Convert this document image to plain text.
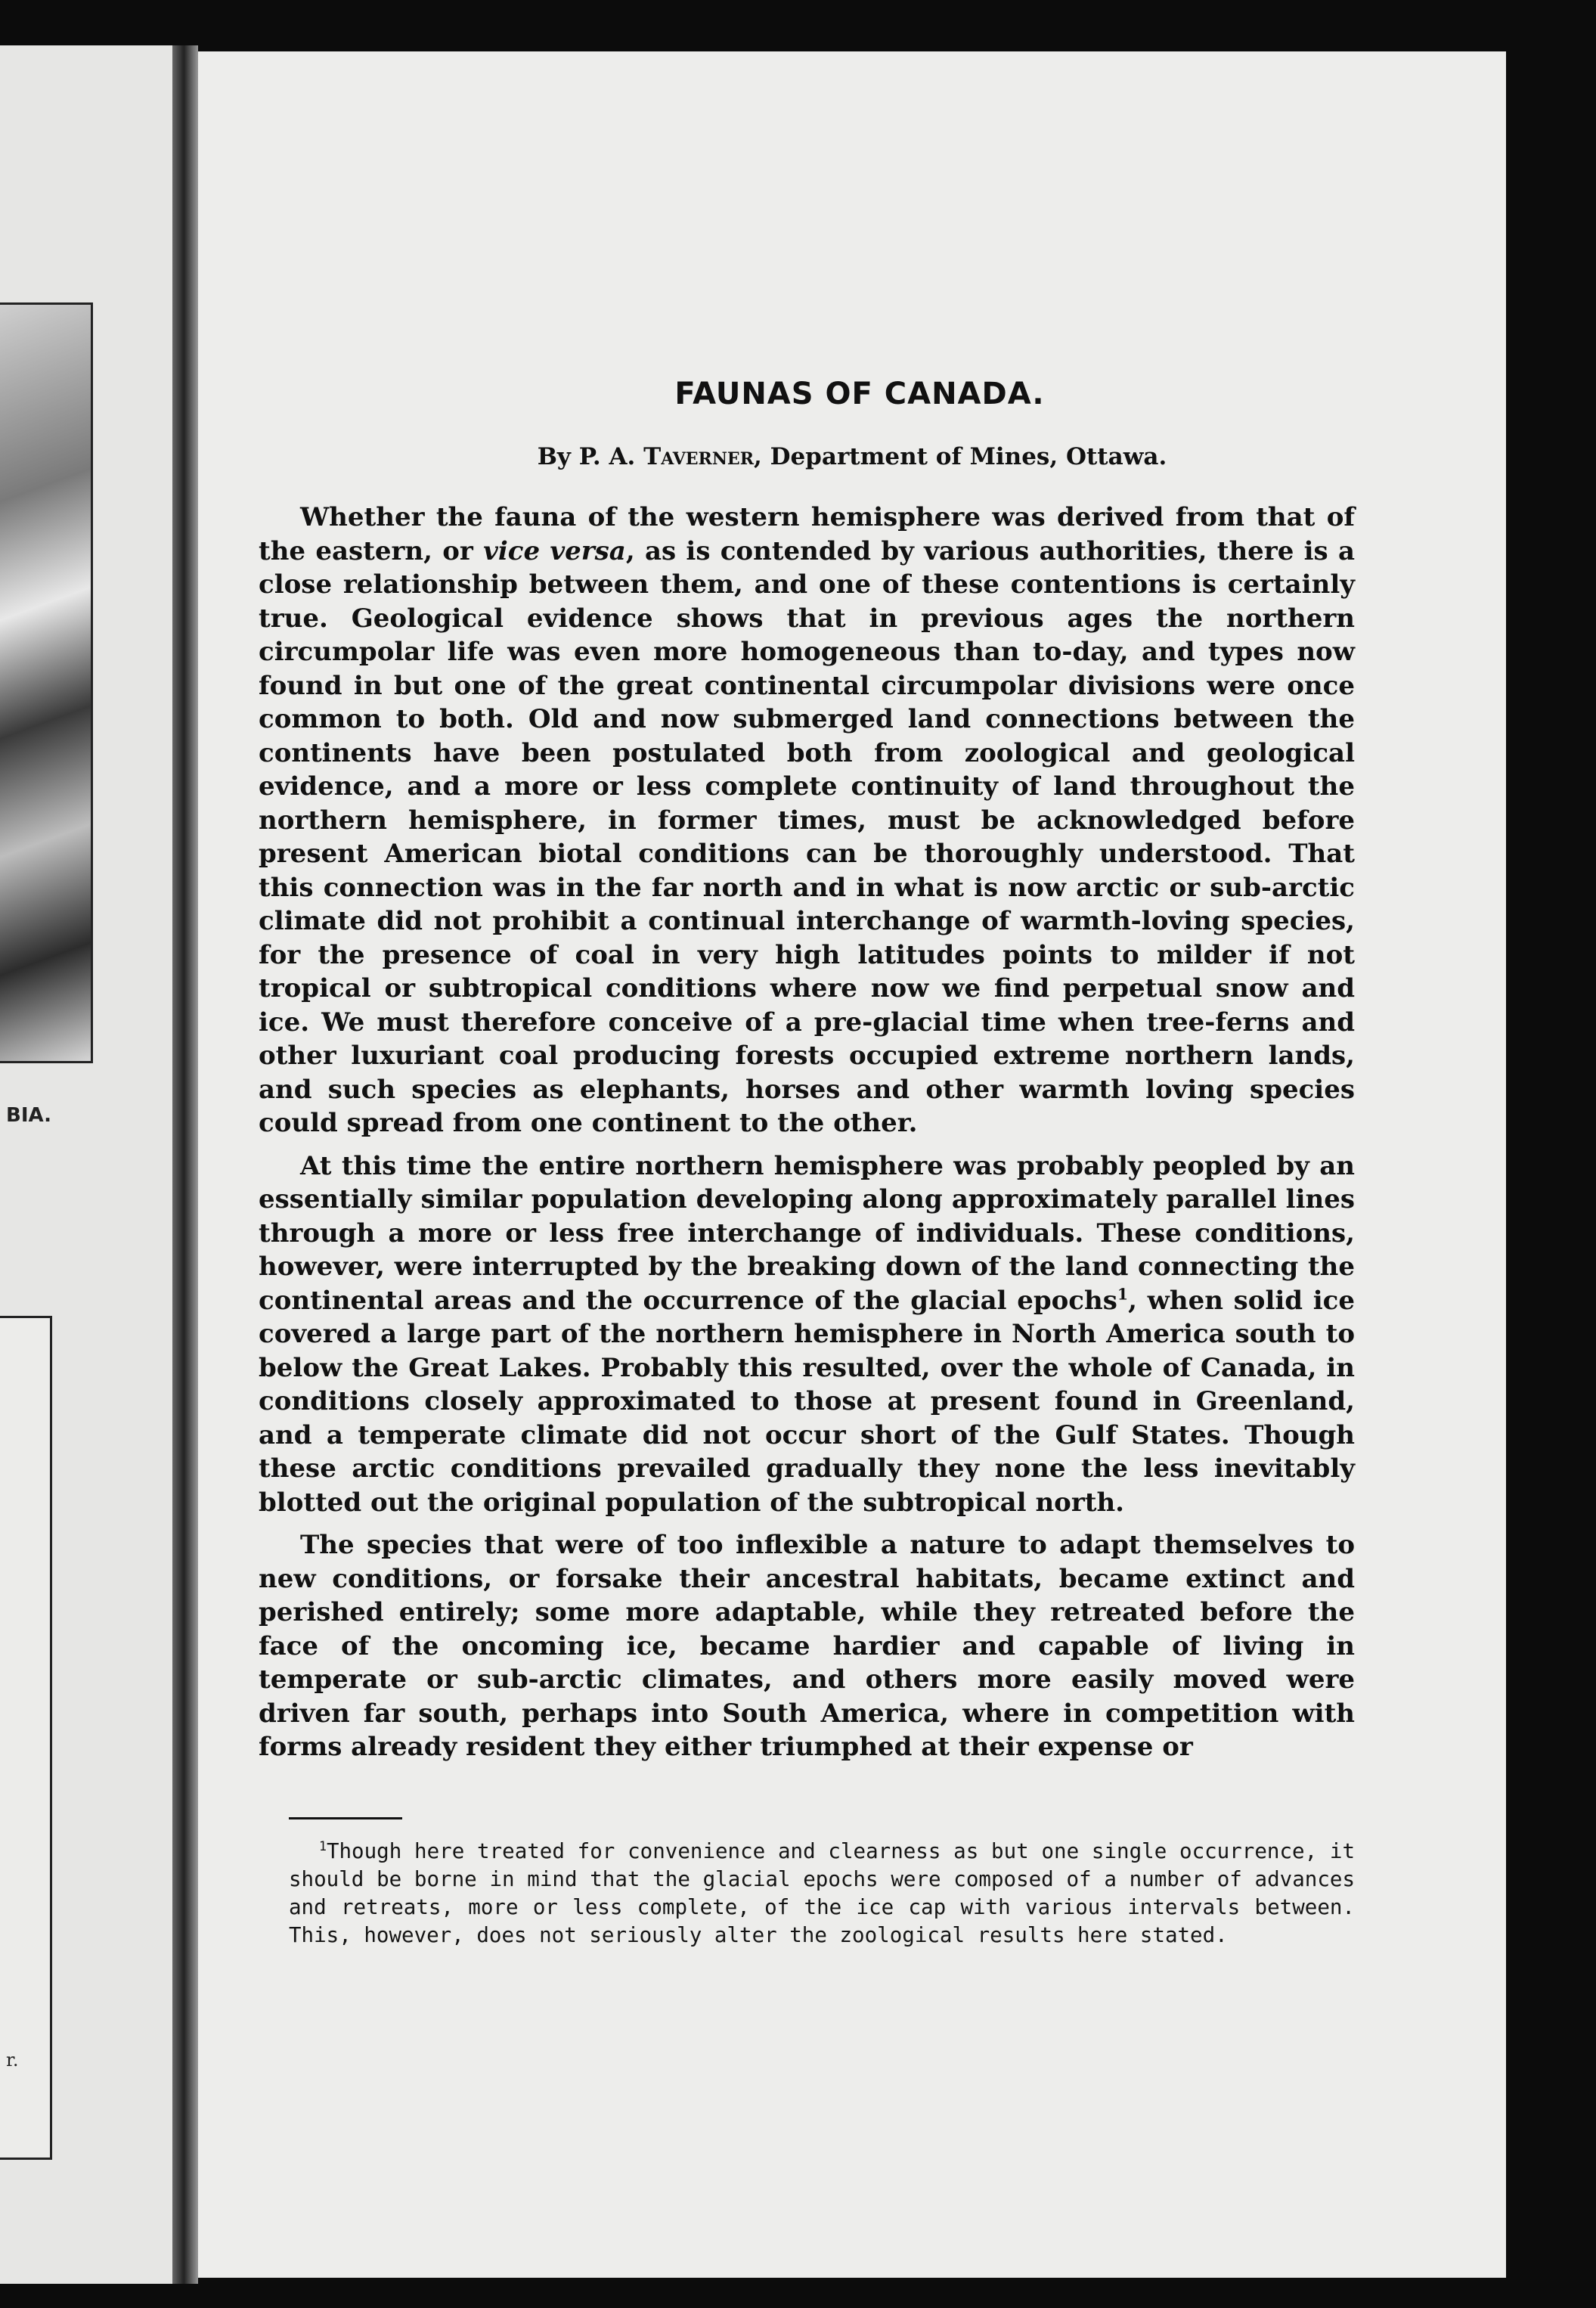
BIA.
r.
FAUNAS OF CANADA.
By P. A. Taverner, Department of Mines, Ottawa.

Whether the fauna of the western hemisphere was derived from that of the eastern, or vice versa, as is contended by various authorities, there is a close relationship between them, and one of these contentions is certainly true. Geological evidence shows that in previous ages the northern circumpolar life was even more homogeneous than to-day, and types now found in but one of the great continental circumpolar divisions were once common to both. Old and now submerged land connections between the continents have been postulated both from zoological and geological evidence, and a more or less complete continuity of land throughout the northern hemisphere, in former times, must be acknowledged before present American biotal conditions can be thoroughly understood. That this connection was in the far north and in what is now arctic or sub-arctic climate did not prohibit a continual interchange of warmth-loving species, for the presence of coal in very high latitudes points to milder if not tropical or subtropical conditions where now we find perpetual snow and ice. We must therefore conceive of a pre-glacial time when tree-ferns and other luxuriant coal producing forests occupied extreme northern lands, and such species as elephants, horses and other warmth loving species could spread from one continent to the other.

At this time the entire northern hemisphere was probably peopled by an essentially similar population developing along approximately parallel lines through a more or less free interchange of individuals. These conditions, however, were interrupted by the breaking down of the land connecting the continental areas and the occurrence of the glacial epochs$^1$, when solid ice covered a large part of the northern hemisphere in North America south to below the Great Lakes. Probably this resulted, over the whole of Canada, in conditions closely approximated to those at present found in Greenland, and a temperate climate did not occur short of the Gulf States. Though these arctic conditions prevailed gradually they none the less inevitably blotted out the original population of the subtropical north.

The species that were of too inflexible a nature to adapt themselves to new conditions, or forsake their ancestral habitats, became extinct and perished entirely; some more adaptable, while they retreated before the face of the oncoming ice, became hardier and capable of living in temperate or sub-arctic climates, and others more easily moved were driven far south, perhaps into South America, where in competition with forms already resident they either triumphed at their expense or

$^1$Though here treated for convenience and clearness as but one single occurrence, it should be borne in mind that the glacial epochs were composed of a number of advances and retreats, more or less complete, of the ice cap with various intervals between. This, however, does not seriously alter the zoological results here stated.
